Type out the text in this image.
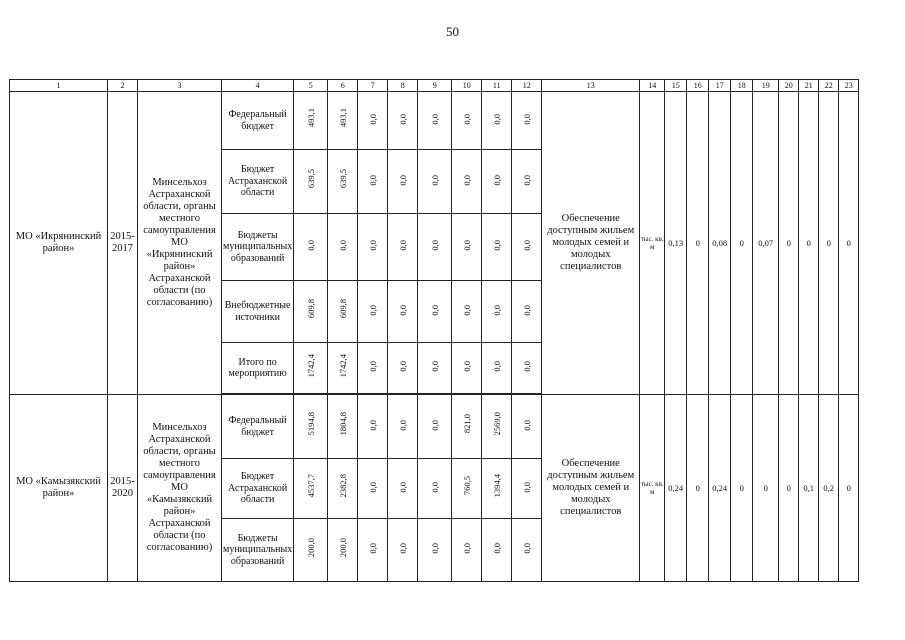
50
1	2	3	4	5	6	7	8	9	10	11	12	13	14	15	16	17	18	19	20	21	22	23
МО «Икрянинский район»	2015-2017	Минсельхоз Астраханской области, органы местного самоуправления МО «Икрянинский район» Астраханской области (по согласованию)	Федеральный бюджет	493,1	493,1	0,0	0,0	0,0	0,0	0,0	0,0	Обеспечение доступным жильем молодых семей и молодых специалистов	тыс. кв. м	0,13	0	0,08	0	0,07	0	0	0	0
			Бюджет Астраханской области	639,5	639,5	0,0	0,0	0,0	0,0	0,0	0,0											
			Бюджеты муниципальных образований	0,0	0,0	0,0	0,0	0,0	0,0	0,0	0,0											
			Внебюджетные источники	609,8	609,8	0,0	0,0	0,0	0,0	0,0	0,0											
			Итого по мероприятию	1742,4	1742,4	0,0	0,0	0,0	0,0	0,0	0,0											

МО «Камызякский район»	2015-2020	Минсельхоз Астраханской области, органы местного самоуправления МО «Камызякский район» Астраханской области (по согласованию)	Федеральный бюджет	5194,8	1804,8	0,0	0,0	0,0	821,0	2569,0	0,0	Обеспечение доступным жильем молодых семей и молодых специалистов	тыс. кв. м	0,24	0	0,24	0	0	0	0,1	0,2	0
			Бюджет Астраханской области	4537,7	2382,8	0,0	0,0	0,0	760,5	1394,4	0,0											
			Бюджеты муниципальных образований	200,0	200,0	0,0	0,0	0,0	0,0	0,0	0,0											
